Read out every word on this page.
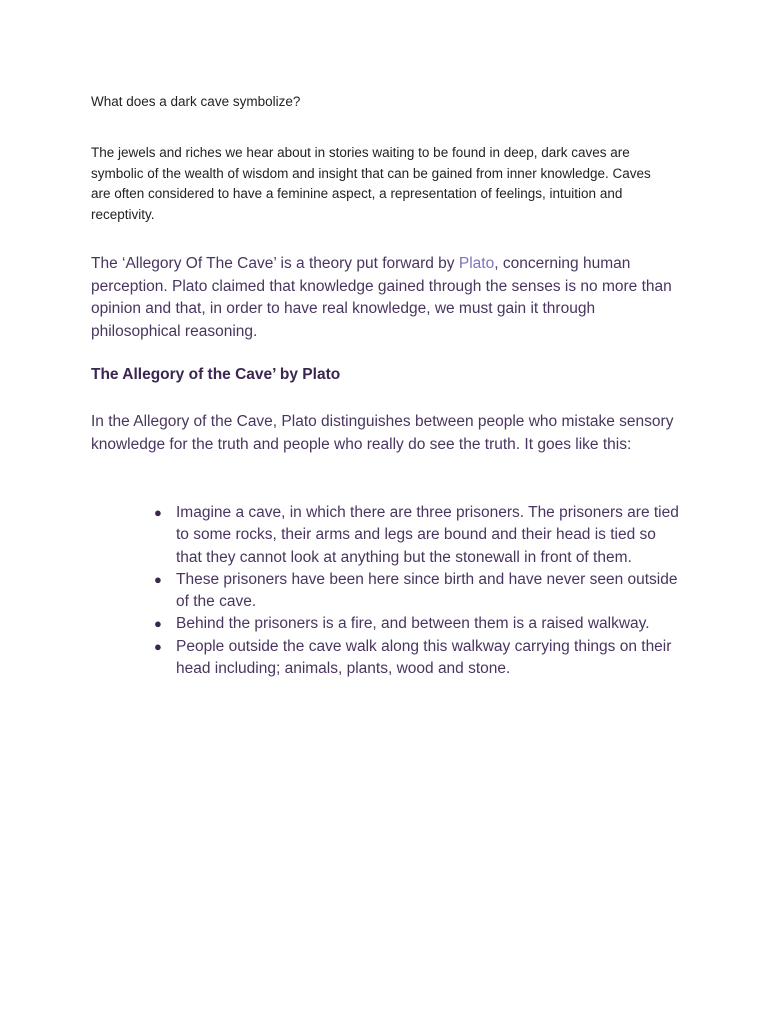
What does a dark cave symbolize?

The jewels and riches we hear about in stories waiting to be found in deep, dark caves are symbolic of the wealth of wisdom and insight that can be gained from inner knowledge. Caves are often considered to have a feminine aspect, a representation of feelings, intuition and receptivity.

The ‘Allegory Of The Cave’ is a theory put forward by Plato, concerning human perception. Plato claimed that knowledge gained through the senses is no more than opinion and that, in order to have real knowledge, we must gain it through philosophical reasoning.

The Allegory of the Cave’ by Plato

In the Allegory of the Cave, Plato distinguishes between people who mistake sensory knowledge for the truth and people who really do see the truth. It goes like this:

● Imagine a cave, in which there are three prisoners. The prisoners are tied to some rocks, their arms and legs are bound and their head is tied so that they cannot look at anything but the stonewall in front of them.
● These prisoners have been here since birth and have never seen outside of the cave.
● Behind the prisoners is a fire, and between them is a raised walkway.
● People outside the cave walk along this walkway carrying things on their head including; animals, plants, wood and stone.
